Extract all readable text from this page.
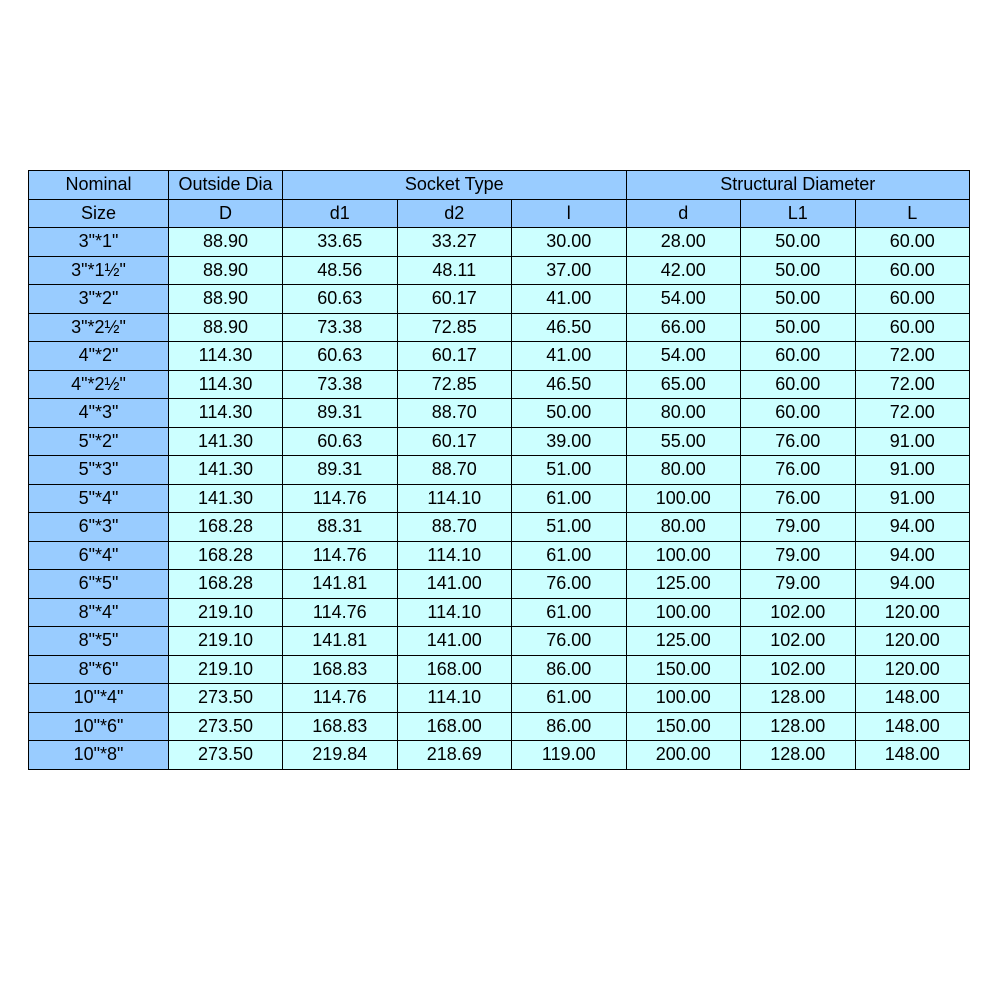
Nominal	Outside Dia	Socket Type			Structural Diameter		
Size	D	d1	d2	l	d	L1	L
3"*1"	88.90	33.65	33.27	30.00	28.00	50.00	60.00
3"*1½"	88.90	48.56	48.11	37.00	42.00	50.00	60.00
3"*2"	88.90	60.63	60.17	41.00	54.00	50.00	60.00
3"*2½"	88.90	73.38	72.85	46.50	66.00	50.00	60.00
4"*2"	114.30	60.63	60.17	41.00	54.00	60.00	72.00
4"*2½"	114.30	73.38	72.85	46.50	65.00	60.00	72.00
4"*3"	114.30	89.31	88.70	50.00	80.00	60.00	72.00
5"*2"	141.30	60.63	60.17	39.00	55.00	76.00	91.00
5"*3"	141.30	89.31	88.70	51.00	80.00	76.00	91.00
5"*4"	141.30	114.76	114.10	61.00	100.00	76.00	91.00
6"*3"	168.28	88.31	88.70	51.00	80.00	79.00	94.00
6"*4"	168.28	114.76	114.10	61.00	100.00	79.00	94.00
6"*5"	168.28	141.81	141.00	76.00	125.00	79.00	94.00
8"*4"	219.10	114.76	114.10	61.00	100.00	102.00	120.00
8"*5"	219.10	141.81	141.00	76.00	125.00	102.00	120.00
8"*6"	219.10	168.83	168.00	86.00	150.00	102.00	120.00
10"*4"	273.50	114.76	114.10	61.00	100.00	128.00	148.00
10"*6"	273.50	168.83	168.00	86.00	150.00	128.00	148.00
10"*8"	273.50	219.84	218.69	119.00	200.00	128.00	148.00
